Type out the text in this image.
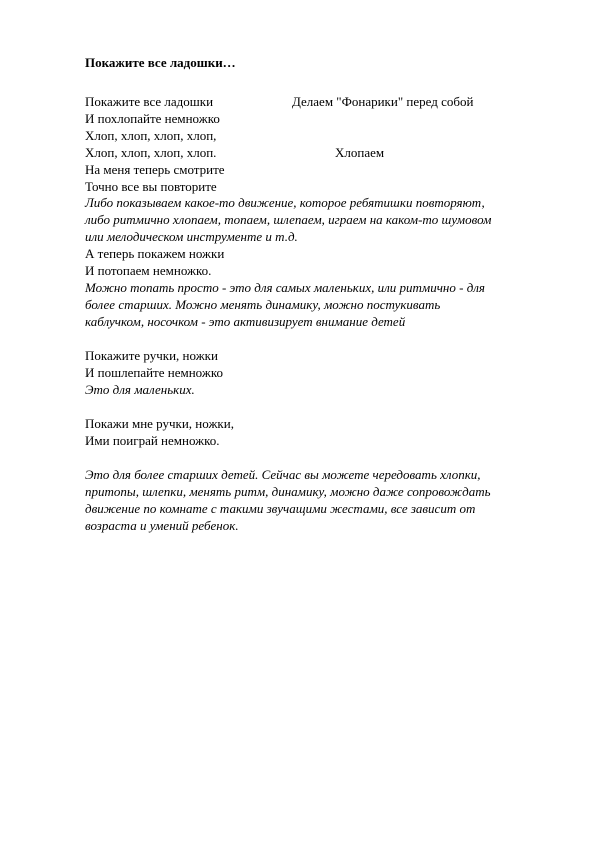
Покажите все ладошки…
Покажите все ладошки	Делаем "Фонарики" перед собой
И похлопайте немножко
Хлоп, хлоп, хлоп, хлоп,
Хлоп, хлоп, хлоп, хлоп.	Хлопаем
На меня теперь смотрите
Точно все вы повторите
Либо показываем какое-то движение, которое ребятишки повторяют,
либо ритмично хлопаем, топаем, шлепаем, играем на каком-то шумовом
или мелодическом инструменте и т.д.
А теперь покажем ножки
И потопаем немножко.
Можно топать просто - это для самых маленьких, или ритмично - для
более старших. Можно менять динамику, можно постукивать
каблучком, носочком - это активизирует внимание детей
Покажите ручки, ножки
И пошлепайте немножко
Это для маленьких.
Покажи мне ручки, ножки,
Ими поиграй немножко.
Это для более старших детей. Сейчас вы можете чередовать хлопки,
притопы, шлепки, менять ритм, динамику, можно даже сопровождать
движение по комнате с такими звучащими жестами, все зависит от
возраста и умений ребенок.
